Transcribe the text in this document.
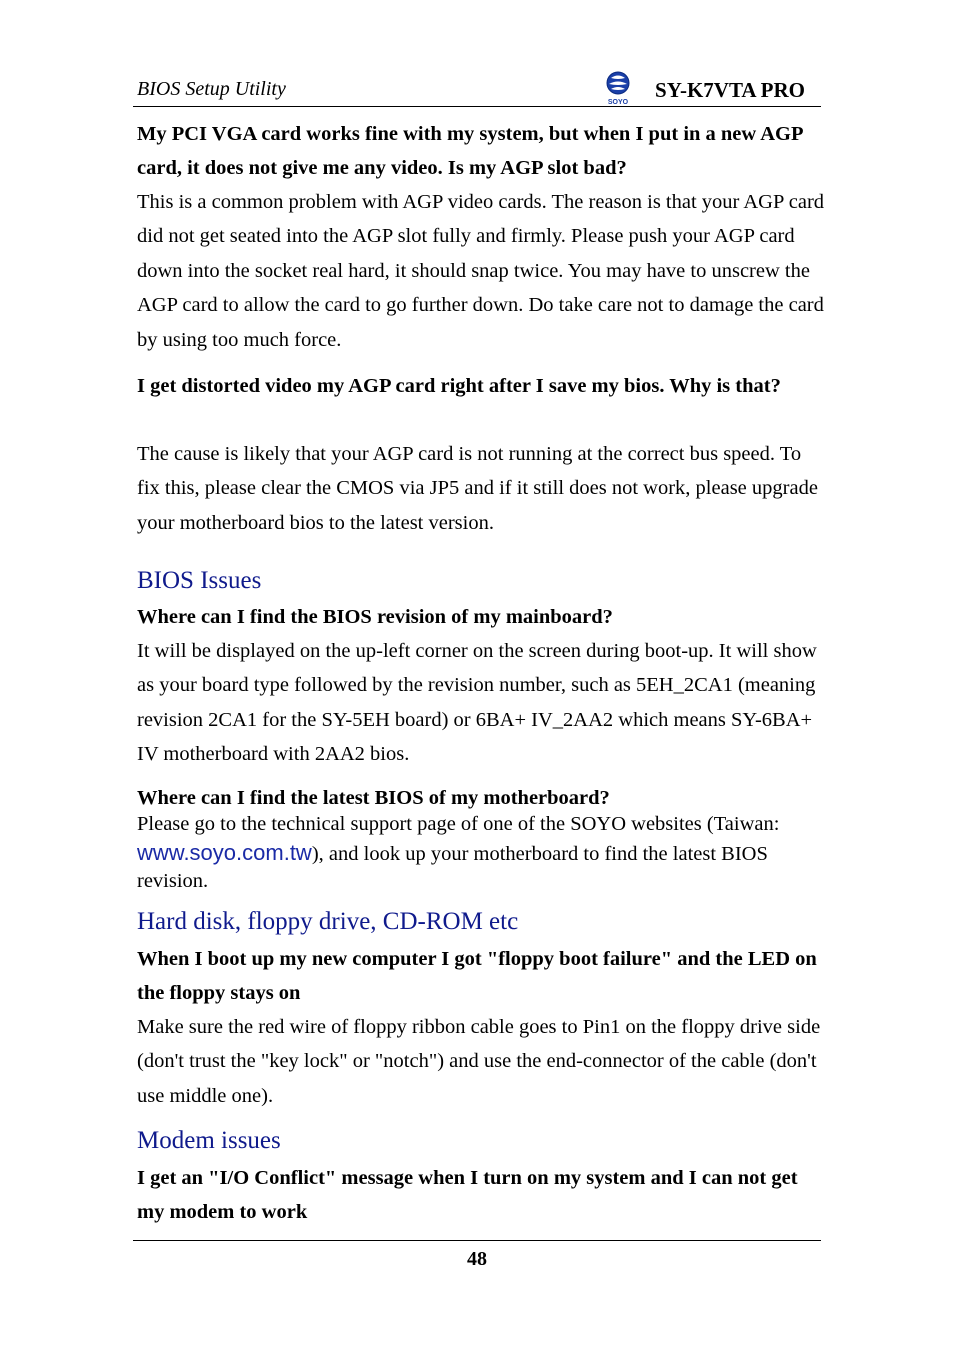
BIOS Setup Utility
SOYO
SY-K7VTA PRO
My PCI VGA card works fine with my system, but when I put in a new AGP card, it does not give me any video. Is my AGP slot bad?
This is a common problem with AGP video cards. The reason is that your AGP card did not get seated into the AGP slot fully and firmly. Please push your AGP card down into the socket real hard, it should snap twice. You may have to unscrew the AGP card to allow the card to go further down. Do take care not to damage the card by using too much force.
I get distorted video my AGP card right after I save my bios. Why is that?
The cause is likely that your AGP card is not running at the correct bus speed. To fix this, please clear the CMOS via JP5 and if it still does not work, please upgrade your motherboard bios to the latest version.
BIOS Issues
Where can I find the BIOS revision of my mainboard?
It will be displayed on the up-left corner on the screen during boot-up. It will show as your board type followed by the revision number, such as 5EH_2CA1 (meaning revision 2CA1 for the SY-5EH board) or 6BA+ IV_2AA2 which means SY-6BA+ IV motherboard with 2AA2 bios.
Where can I find the latest BIOS of my motherboard?
Please go to the technical support page of one of the SOYO websites (Taiwan: www.soyo.com.tw), and look up your motherboard to find the latest BIOS revision.
Hard disk, floppy drive, CD-ROM etc
When I boot up my new computer I got "floppy boot failure" and the LED on the floppy stays on
Make sure the red wire of floppy ribbon cable goes to Pin1 on the floppy drive side (don't trust the "key lock" or "notch") and use the end-connector of the cable (don't use middle one).
Modem issues
I get an "I/O Conflict" message when I turn on my system and I can not get my modem to work
48
